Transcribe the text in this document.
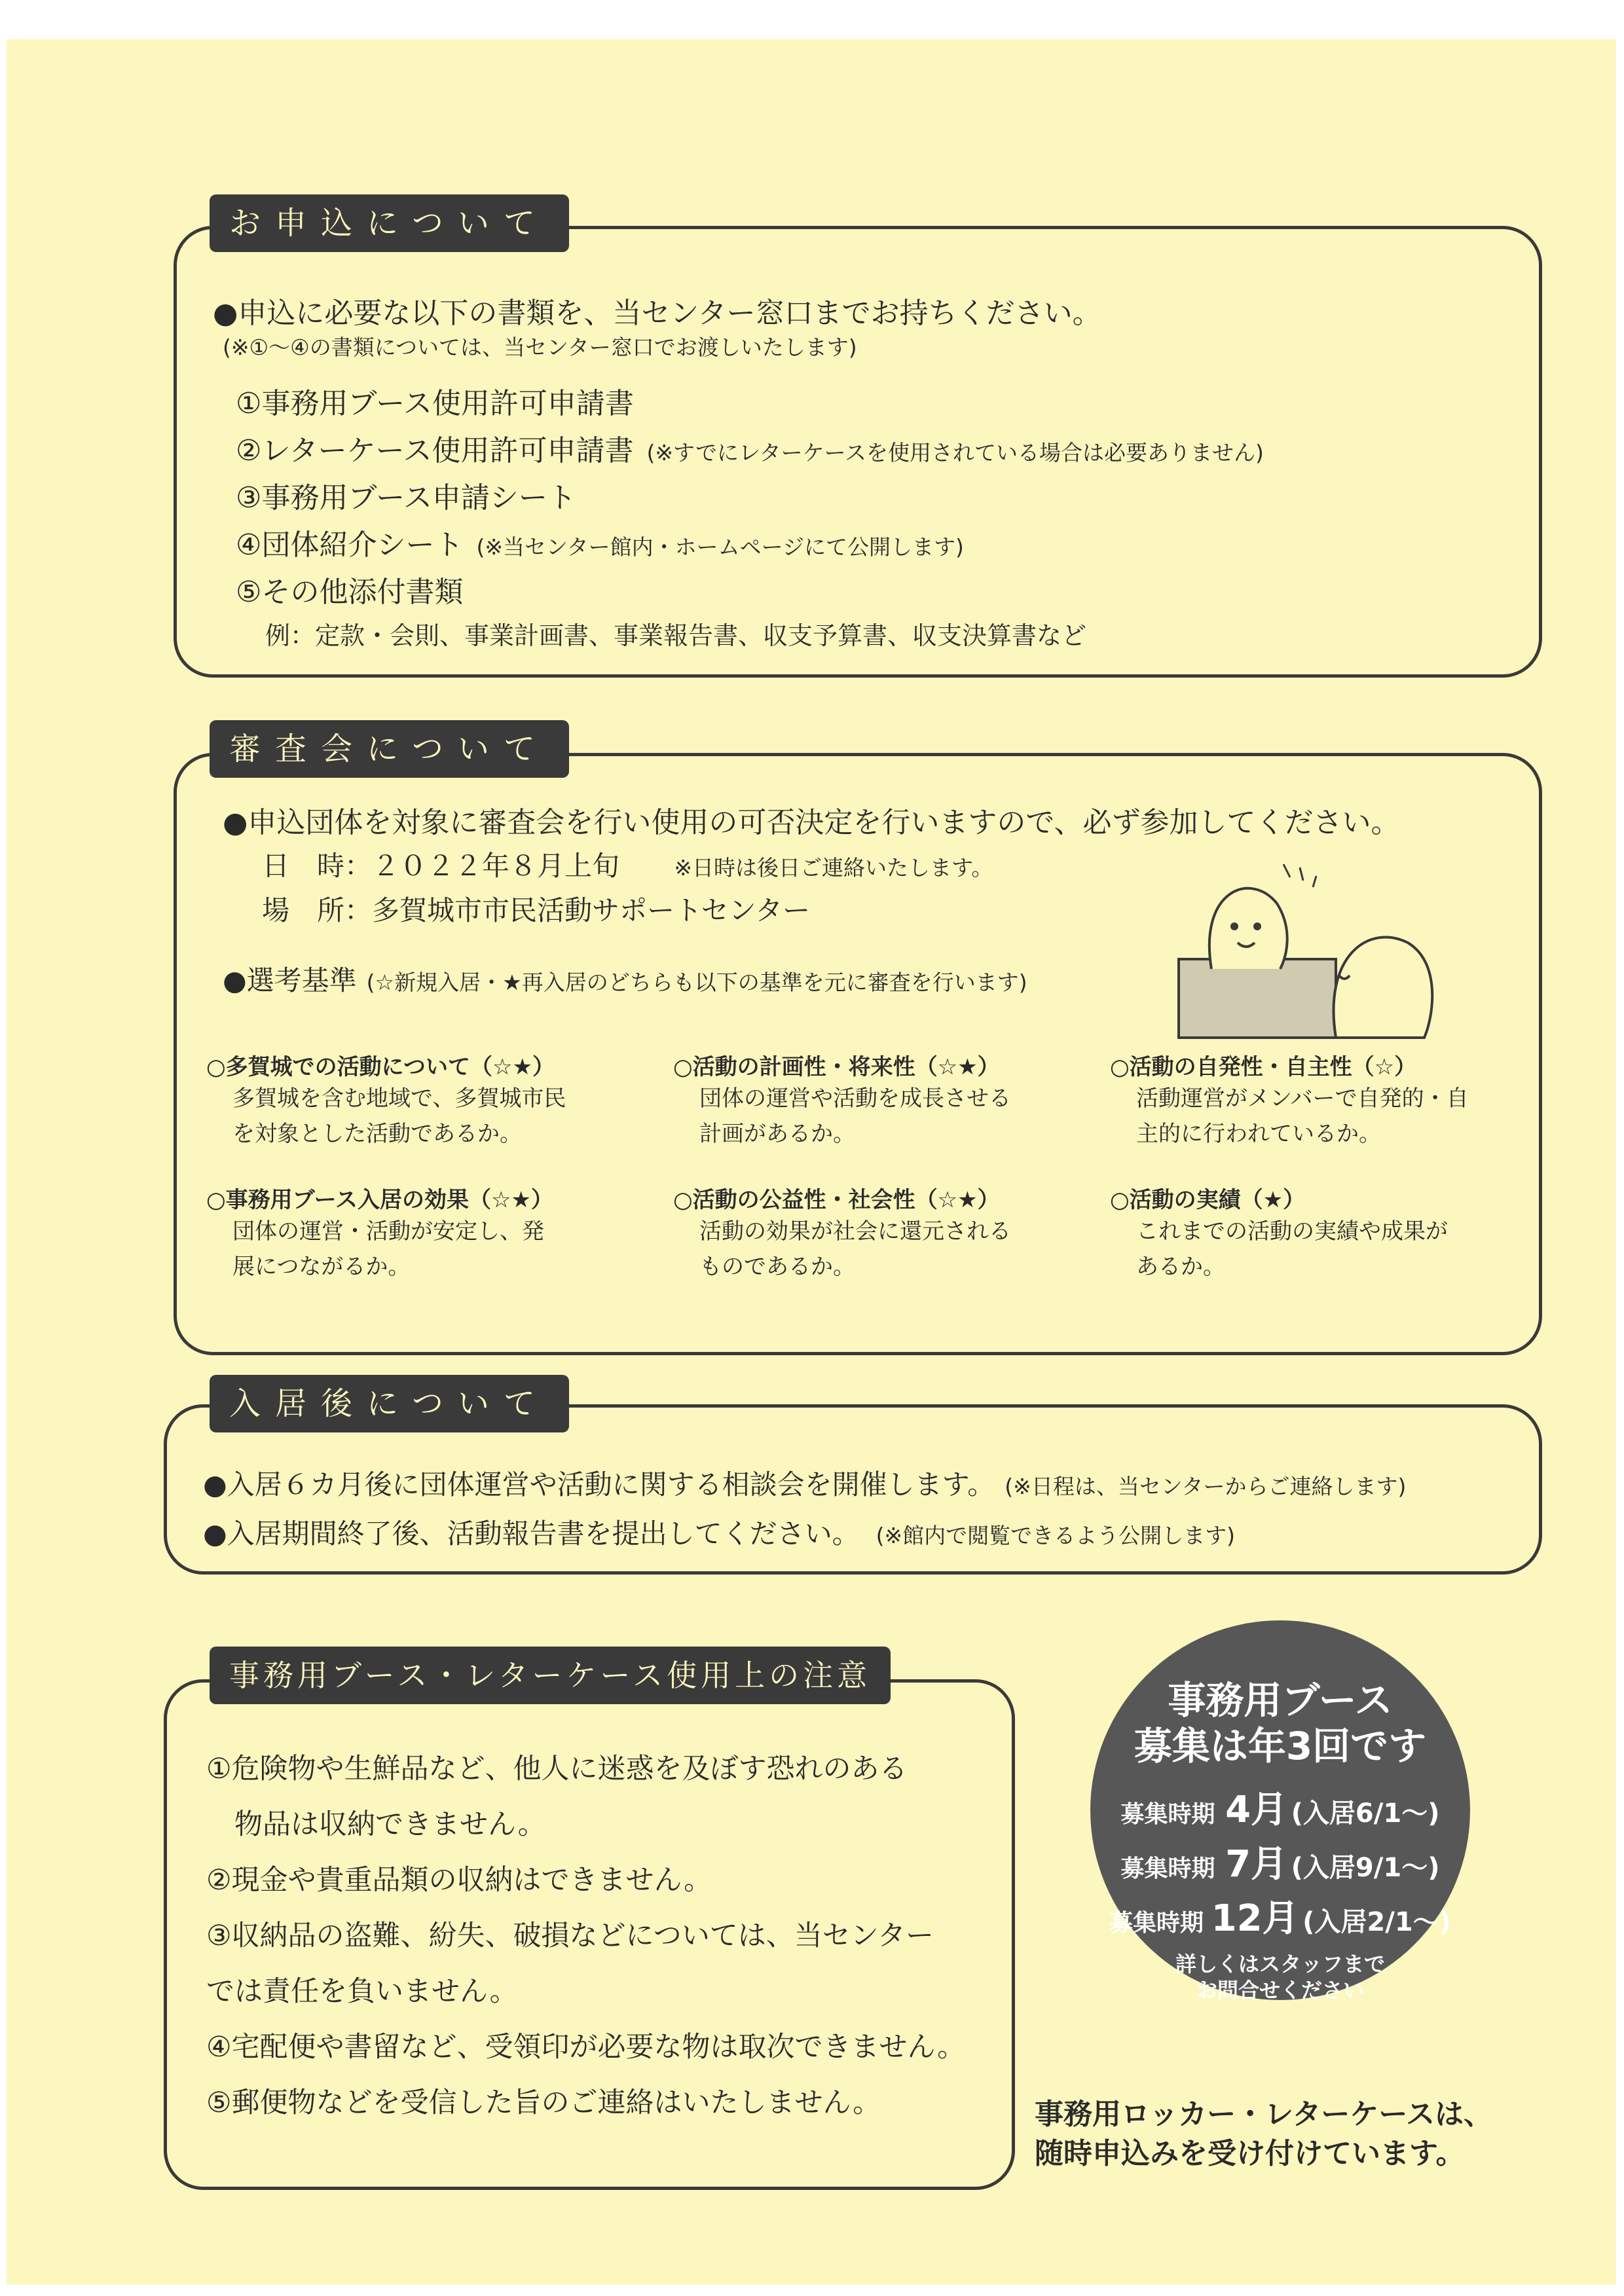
お申込について
●申込に必要な以下の書類を、当センター窓口までお持ちください。
(※①〜④の書類については、当センター窓口でお渡しいたします)
①事務用ブース使用許可申請書
②レターケース使用許可申請書 (※すでにレターケースを使用されている場合は必要ありません)
③事務用ブース申請シート
④団体紹介シート (※当センター館内・ホームページにて公開します)
⑤その他添付書類
例：定款・会則、事業計画書、事業報告書、収支予算書、収支決算書など
審査会について
●申込団体を対象に審査会を行い使用の可否決定を行いますので、必ず参加してください。
日　時：２０２２年８月上旬	※日時は後日ご連絡いたします。
場　所：多賀城市市民活動サポートセンター
●選考基準 (☆新規入居・★再入居のどちらも以下の基準を元に審査を行います)
○多賀城での活動について（☆★）
多賀城を含む地域で、多賀城市民
を対象とした活動であるか。
○活動の計画性・将来性（☆★）
団体の運営や活動を成長させる
計画があるか。
○活動の自発性・自主性（☆）
活動運営がメンバーで自発的・自
主的に行われているか。
○事務用ブース入居の効果（☆★）
団体の運営・活動が安定し、発
展につながるか。
○活動の公益性・社会性（☆★）
活動の効果が社会に還元される
ものであるか。
○活動の実績（★）
これまでの活動の実績や成果が
あるか。
入居後について
●入居６カ月後に団体運営や活動に関する相談会を開催します。 (※日程は、当センターからご連絡します)
●入居期間終了後、活動報告書を提出してください。 (※館内で閲覧できるよう公開します)
事務用ブース・レターケース使用上の注意
①危険物や生鮮品など、他人に迷惑を及ぼす恐れのある
　物品は収納できません。
②現金や貴重品類の収納はできません。
③収納品の盗難、紛失、破損などについては、当センター
では責任を負いません。
④宅配便や書留など、受領印が必要な物は取次できません。
⑤郵便物などを受信した旨のご連絡はいたしません。
事務用ブース
募集は年3回です
募集時期 4月 (入居6/1〜)
募集時期 7月 (入居9/1〜)
募集時期 12月 (入居2/1〜)
詳しくはスタッフまで
お問合せください
事務用ロッカー・レターケースは、
随時申込みを受け付けています。
